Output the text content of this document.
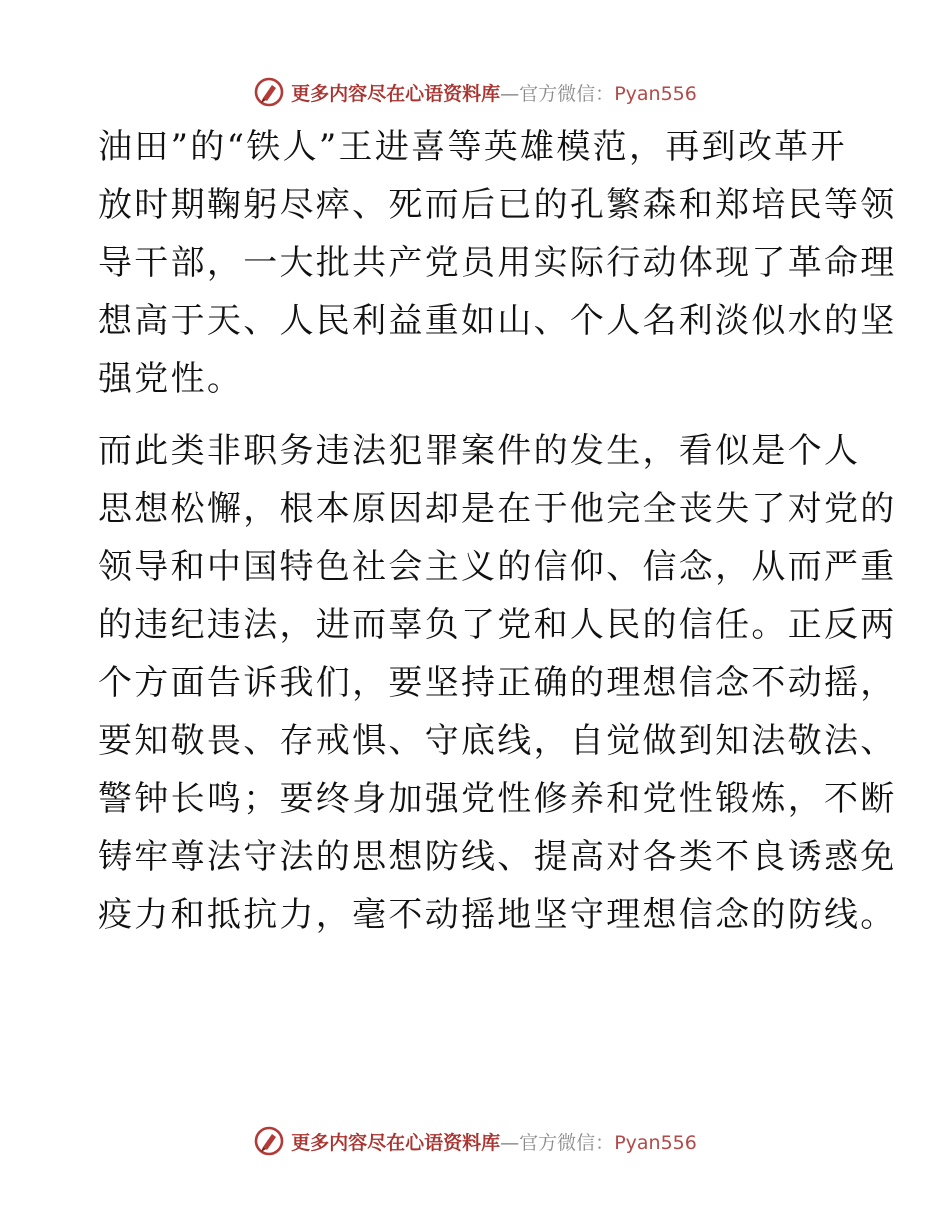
更多内容尽在心语资料库—官方微信：Pyan556
油田”的“铁人”王进喜等英雄模范，再到改革开
放时期鞠躬尽瘁、死而后已的孔繁森和郑培民等领
导干部，一大批共产党员用实际行动体现了革命理
想高于天、人民利益重如山、个人名利淡似水的坚
强党性。
而此类非职务违法犯罪案件的发生，看似是个人
思想松懈，根本原因却是在于他完全丧失了对党的
领导和中国特色社会主义的信仰、信念，从而严重
的违纪违法，进而辜负了党和人民的信任。正反两
个方面告诉我们，要坚持正确的理想信念不动摇，
要知敬畏、存戒惧、守底线，自觉做到知法敬法、
警钟长鸣；要终身加强党性修养和党性锻炼，不断
铸牢尊法守法的思想防线、提高对各类不良诱惑免
疫力和抵抗力，毫不动摇地坚守理想信念的防线。
更多内容尽在心语资料库—官方微信：Pyan556
